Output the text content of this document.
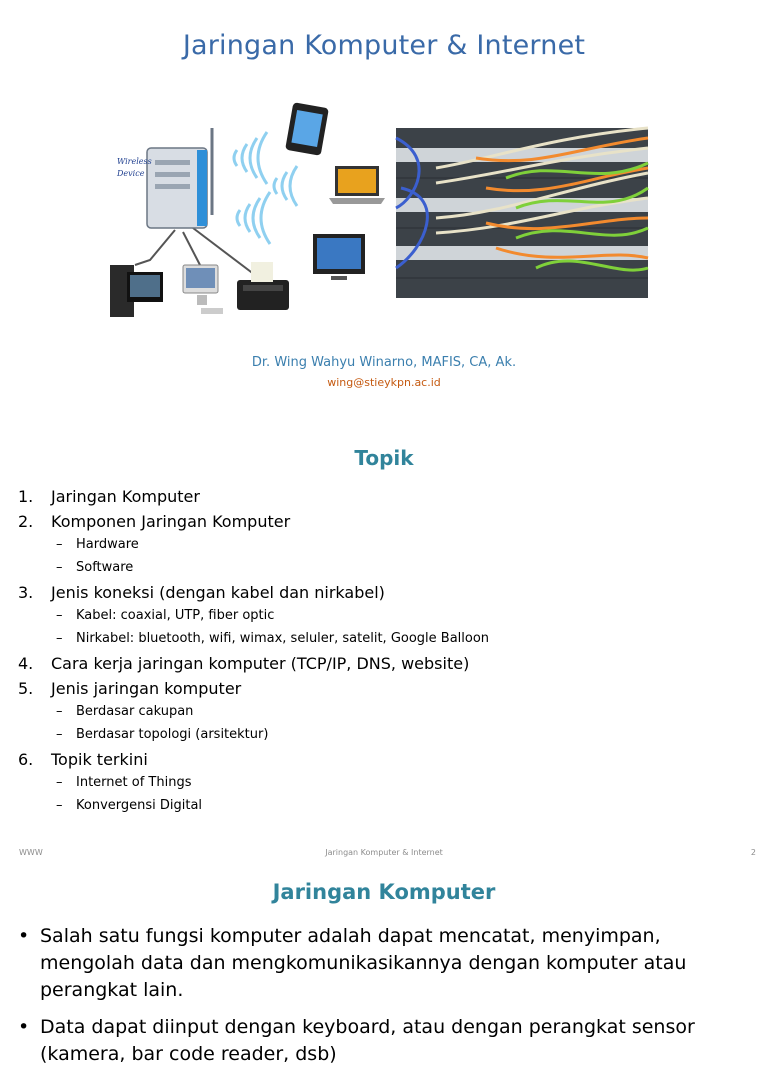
Jaringan Komputer & Internet
Wireless
Device
Dr. Wing Wahyu Winarno, MAFIS, CA, Ak.
wing@stieykpn.ac.id
Topik
1.	Jaringan Komputer
2.	Komponen Jaringan Komputer
–	Hardware
–	Software
3.	Jenis koneksi (dengan kabel dan nirkabel)
–	Kabel: coaxial, UTP, fiber optic
–	Nirkabel: bluetooth, wifi, wimax, seluler, satelit, Google Balloon
4.	Cara kerja jaringan komputer (TCP/IP, DNS, website)
5.	Jenis jaringan komputer
–	Berdasar cakupan
–	Berdasar topologi (arsitektur)
6.	Topik terkini
–	Internet of Things
–	Konvergensi Digital
WWW	Jaringan Komputer & Internet	2
Jaringan Komputer
• Salah satu fungsi komputer adalah dapat mencatat, menyimpan, mengolah data dan mengkomunikasikannya dengan komputer atau perangkat lain.
• Data dapat diinput dengan keyboard, atau dengan perangkat sensor (kamera, bar code reader, dsb)
